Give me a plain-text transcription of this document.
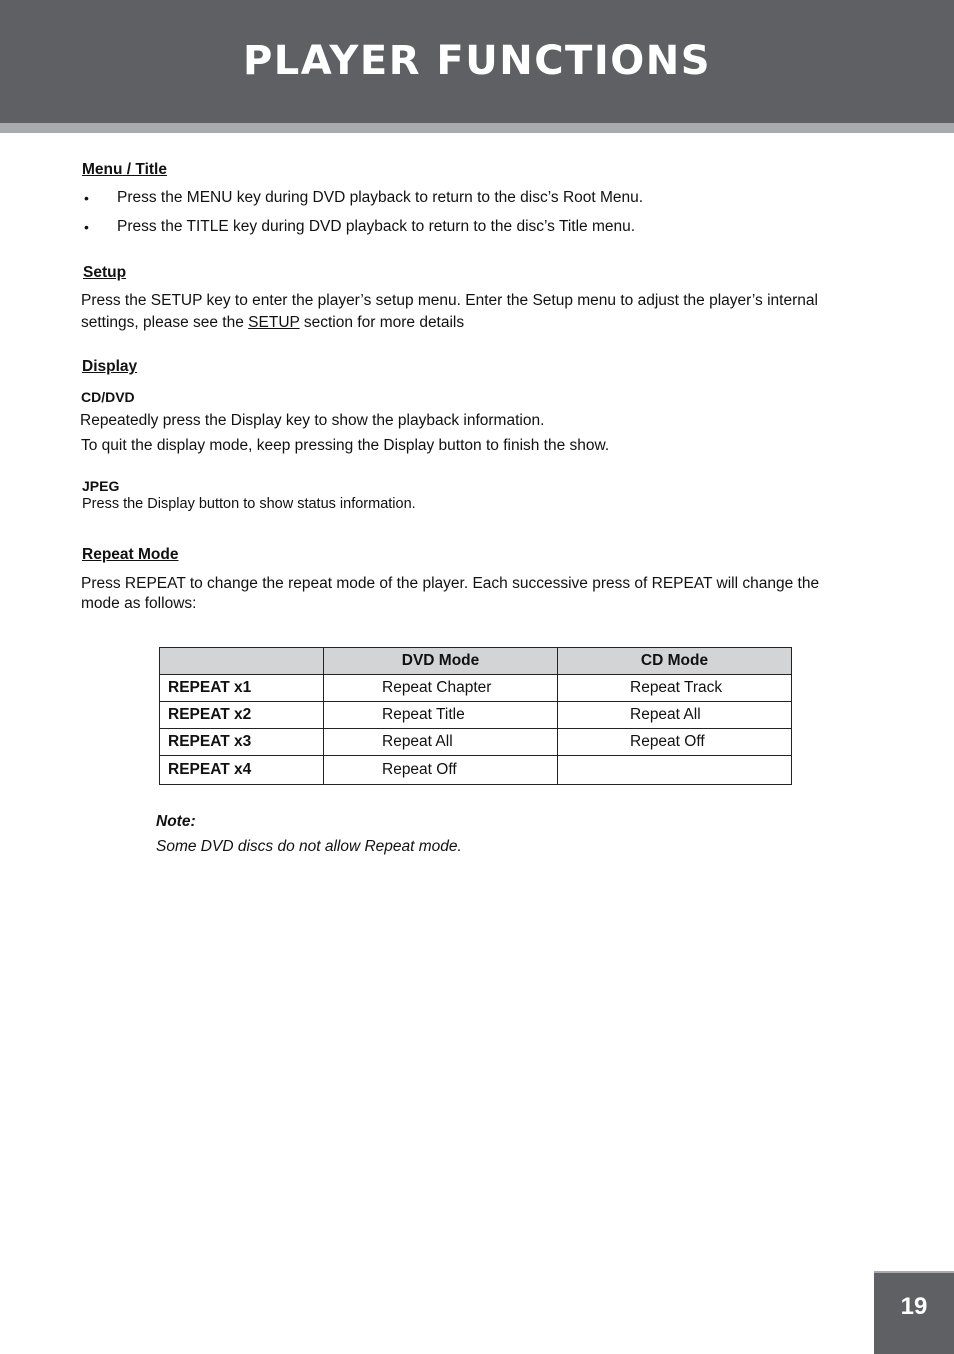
PLAYER FUNCTIONS
Menu / Title
• Press the MENU key during DVD playback to return to the disc’s Root Menu.
• Press the TITLE key during DVD playback to return to the disc’s Title menu.
Setup
Press the SETUP key to enter the player’s setup menu. Enter the Setup menu to adjust the player’s internal
settings, please see the SETUP section for more details
Display
CD/DVD
Repeatedly press the Display key to show the playback information.
To quit the display mode, keep pressing the Display button to finish the show.
JPEG
Press the Display button to show status information.
Repeat Mode
Press REPEAT to change the repeat mode of the player. Each successive press of REPEAT will change the
mode as follows:
	DVD Mode	CD Mode
REPEAT x1	Repeat Chapter	Repeat Track
REPEAT x2	Repeat Title	Repeat All
REPEAT x3	Repeat All	Repeat Off
REPEAT x4	Repeat Off	
Note:
Some DVD discs do not allow Repeat mode.
19
